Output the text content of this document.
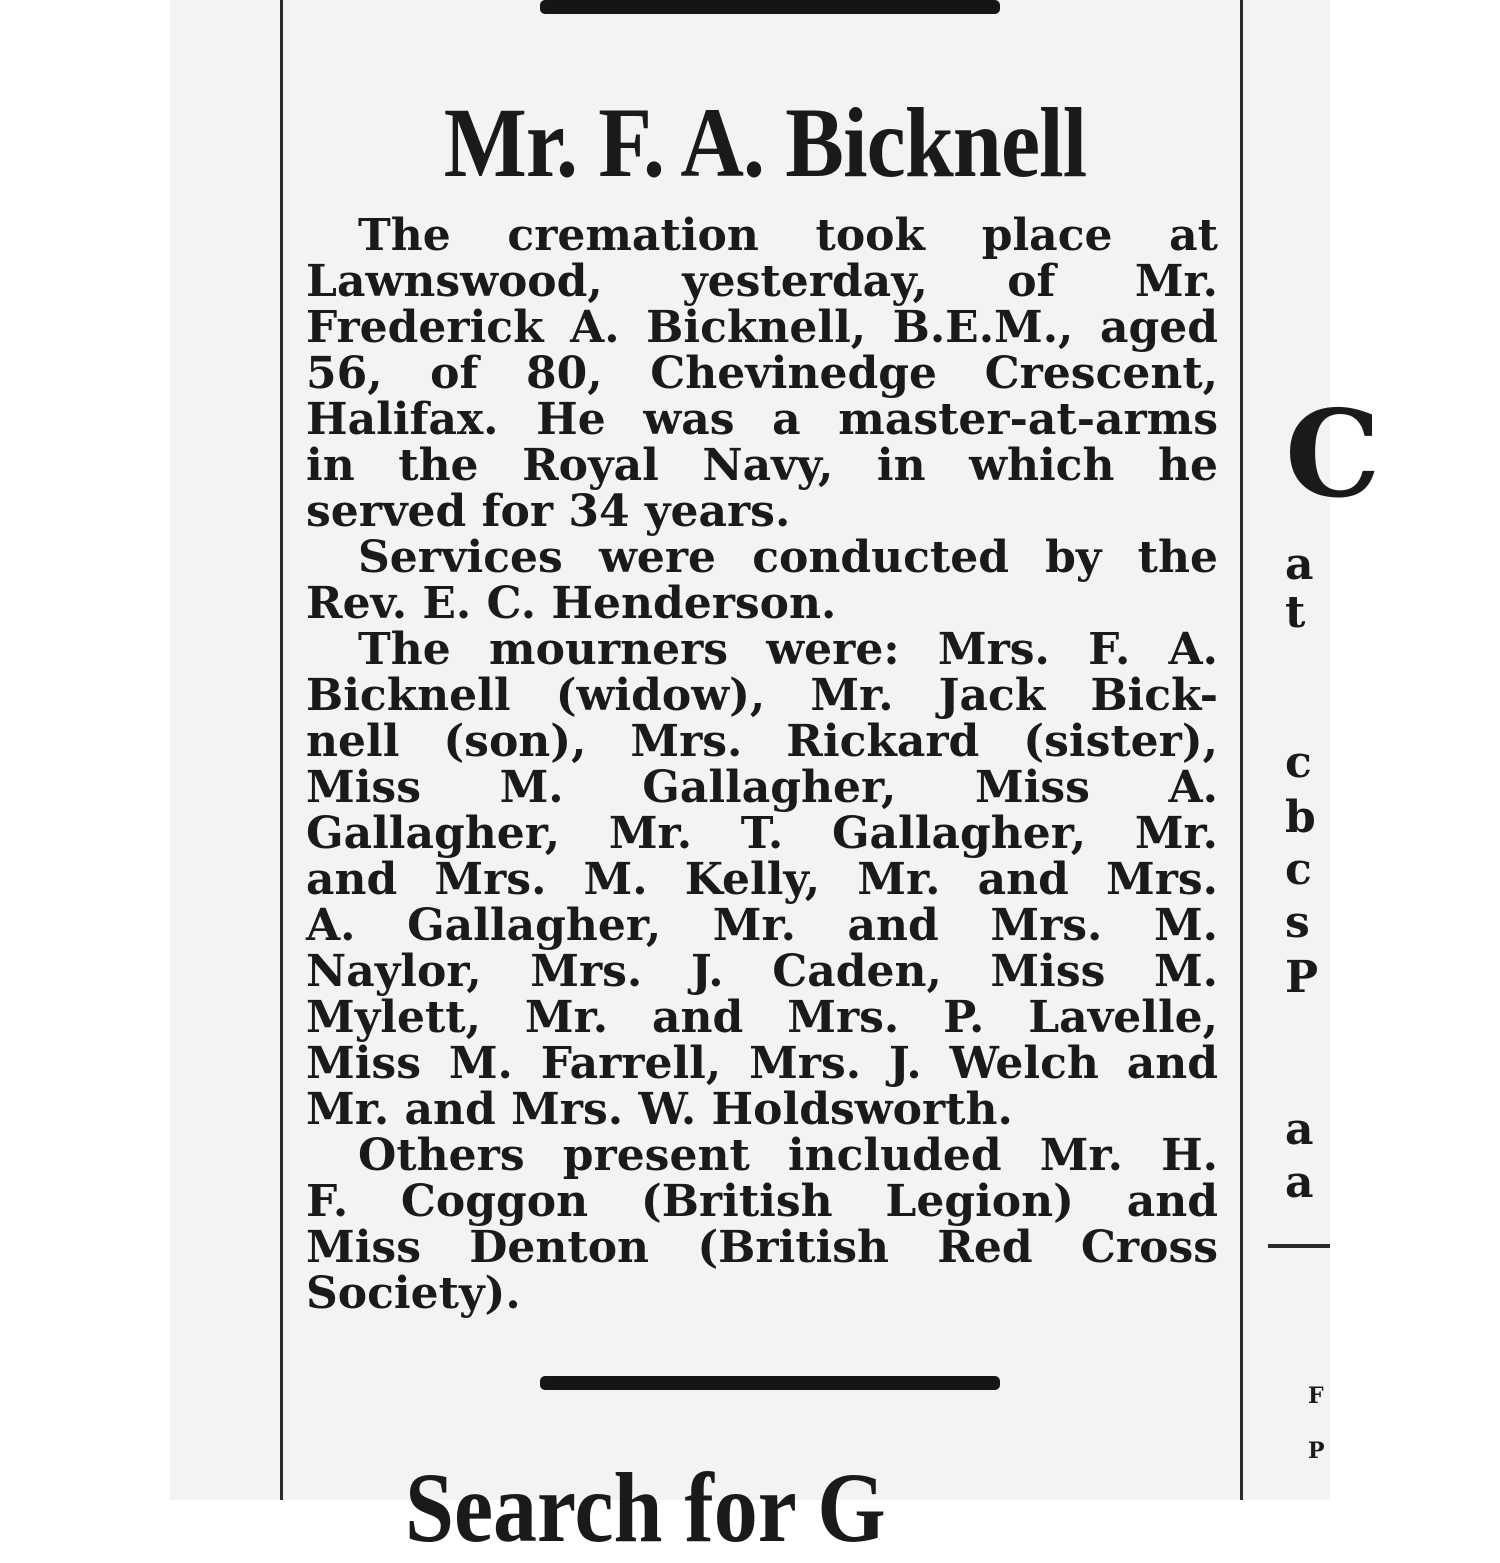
Mr. F. A. Bicknell
The cremation took place at
Lawnswood, yesterday, of Mr.
Frederick A. Bicknell, B.E.M., aged
56, of 80, Chevinedge Crescent,
Halifax. He was a master-at-arms
in the Royal Navy, in which he
served for 34 years.
Services were conducted by the
Rev. E. C. Henderson.
The mourners were: Mrs. F. A.
Bicknell (widow), Mr. Jack Bick-
nell (son), Mrs. Rickard (sister),
Miss M. Gallagher, Miss A.
Gallagher, Mr. T. Gallagher, Mr.
and Mrs. M. Kelly, Mr. and Mrs.
A. Gallagher, Mr. and Mrs. M.
Naylor, Mrs. J. Caden, Miss M.
Mylett, Mr. and Mrs. P. Lavelle,
Miss M. Farrell, Mrs. J. Welch and
Mr. and Mrs. W. Holdsworth.
Others present included Mr. H.
F. Coggon (British Legion) and
Miss Denton (British Red Cross
Society).
C
a
t
c
b
c
s
P
a
a
F
P
Search for G
